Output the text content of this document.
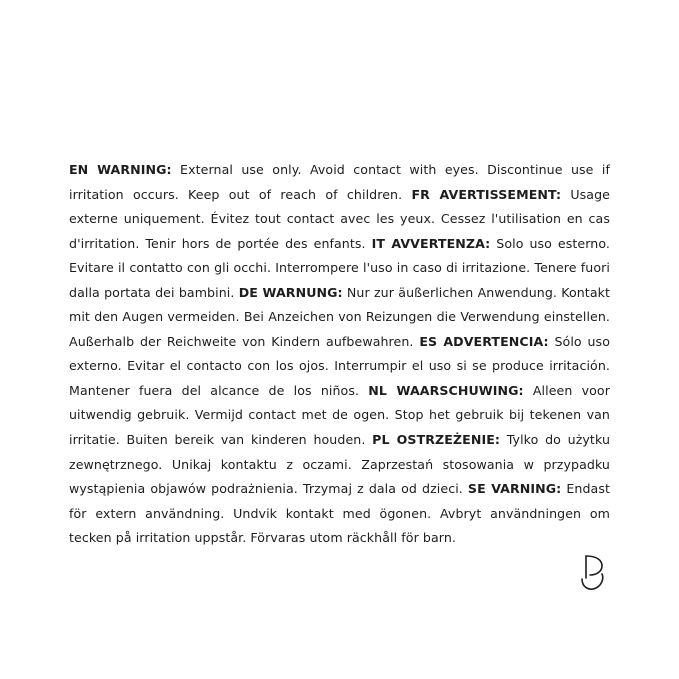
EN WARNING: External use only. Avoid contact with eyes. Discontinue use if irritation occurs. Keep out of reach of children. FR AVERTISSEMENT: Usage externe uniquement. Évitez tout contact avec les yeux. Cessez l'utilisation en cas d'irritation. Tenir hors de portée des enfants. IT AVVERTENZA: Solo uso esterno. Evitare il contatto con gli occhi. Interrompere l'uso in caso di irritazione. Tenere fuori dalla portata dei bambini. DE WARNUNG: Nur zur äußerlichen Anwendung. Kontakt mit den Augen vermeiden. Bei Anzeichen von Reizungen die Verwendung einstellen. Außerhalb der Reichweite von Kindern aufbewahren. ES ADVERTENCIA: Sólo uso externo. Evitar el contacto con los ojos. Interrumpir el uso si se produce irritación. Mantener fuera del alcance de los niños. NL WAARSCHUWING: Alleen voor uitwendig gebruik. Vermijd contact met de ogen. Stop het gebruik bij tekenen van irritatie. Buiten bereik van kinderen houden. PL OSTRZEŻENIE: Tylko do użytku zewnętrznego. Unikaj kontaktu z oczami. Zaprzestań stosowania w przypadku wystąpienia objawów podrażnienia. Trzymaj z dala od dzieci. SE VARNING: Endast för extern användning. Undvik kontakt med ögonen. Avbryt användningen om tecken på irritation uppstår. Förvaras utom räckhåll för barn.
